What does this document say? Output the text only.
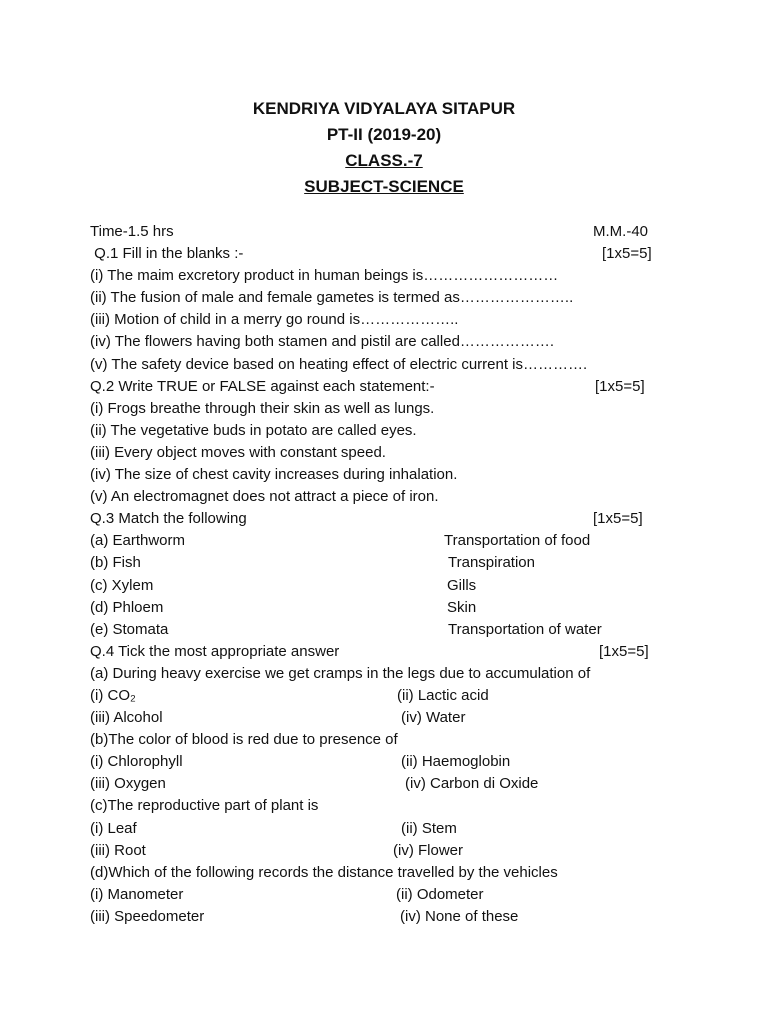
KENDRIYA VIDYALAYA SITAPUR
PT-II (2019-20)
CLASS.-7
SUBJECT-SCIENCE
Time-1.5 hrs	M.M.-40
Q.1 Fill in the blanks :-	[1x5=5]
(i) The maim excretory product in human beings is………………………
(ii) The fusion of male and female gametes is termed as…………………..
(iii) Motion of child in a merry go round is………………..
(iv) The flowers having both stamen and pistil are called……………….
(v) The safety device based on heating effect of electric current is………….
Q.2 Write TRUE or FALSE against each statement:-	[1x5=5]
(i) Frogs breathe through their skin as well as lungs.
(ii) The vegetative buds in potato are called eyes.
(iii) Every object moves with constant speed.
(iv) The size of chest cavity increases during inhalation.
(v) An electromagnet does not attract a piece of iron.
Q.3 Match the following	[1x5=5]
(a) Earthworm	Transportation of food
(b) Fish	Transpiration
(c) Xylem	Gills
(d) Phloem	Skin
(e) Stomata	Transportation of water
Q.4 Tick the most appropriate answer	[1x5=5]
(a) During heavy exercise we get cramps in the legs due to accumulation of
(i) CO₂	(ii) Lactic acid
(iii) Alcohol	(iv) Water
(b)The color of blood is red due to presence of
(i) Chlorophyll	(ii) Haemoglobin
(iii) Oxygen	(iv) Carbon di Oxide
(c)The reproductive part of plant is
(i) Leaf	(ii) Stem
(iii) Root	(iv) Flower
(d)Which of the following records the distance travelled by the vehicles
(i) Manometer	(ii) Odometer
(iii) Speedometer	(iv) None of these
